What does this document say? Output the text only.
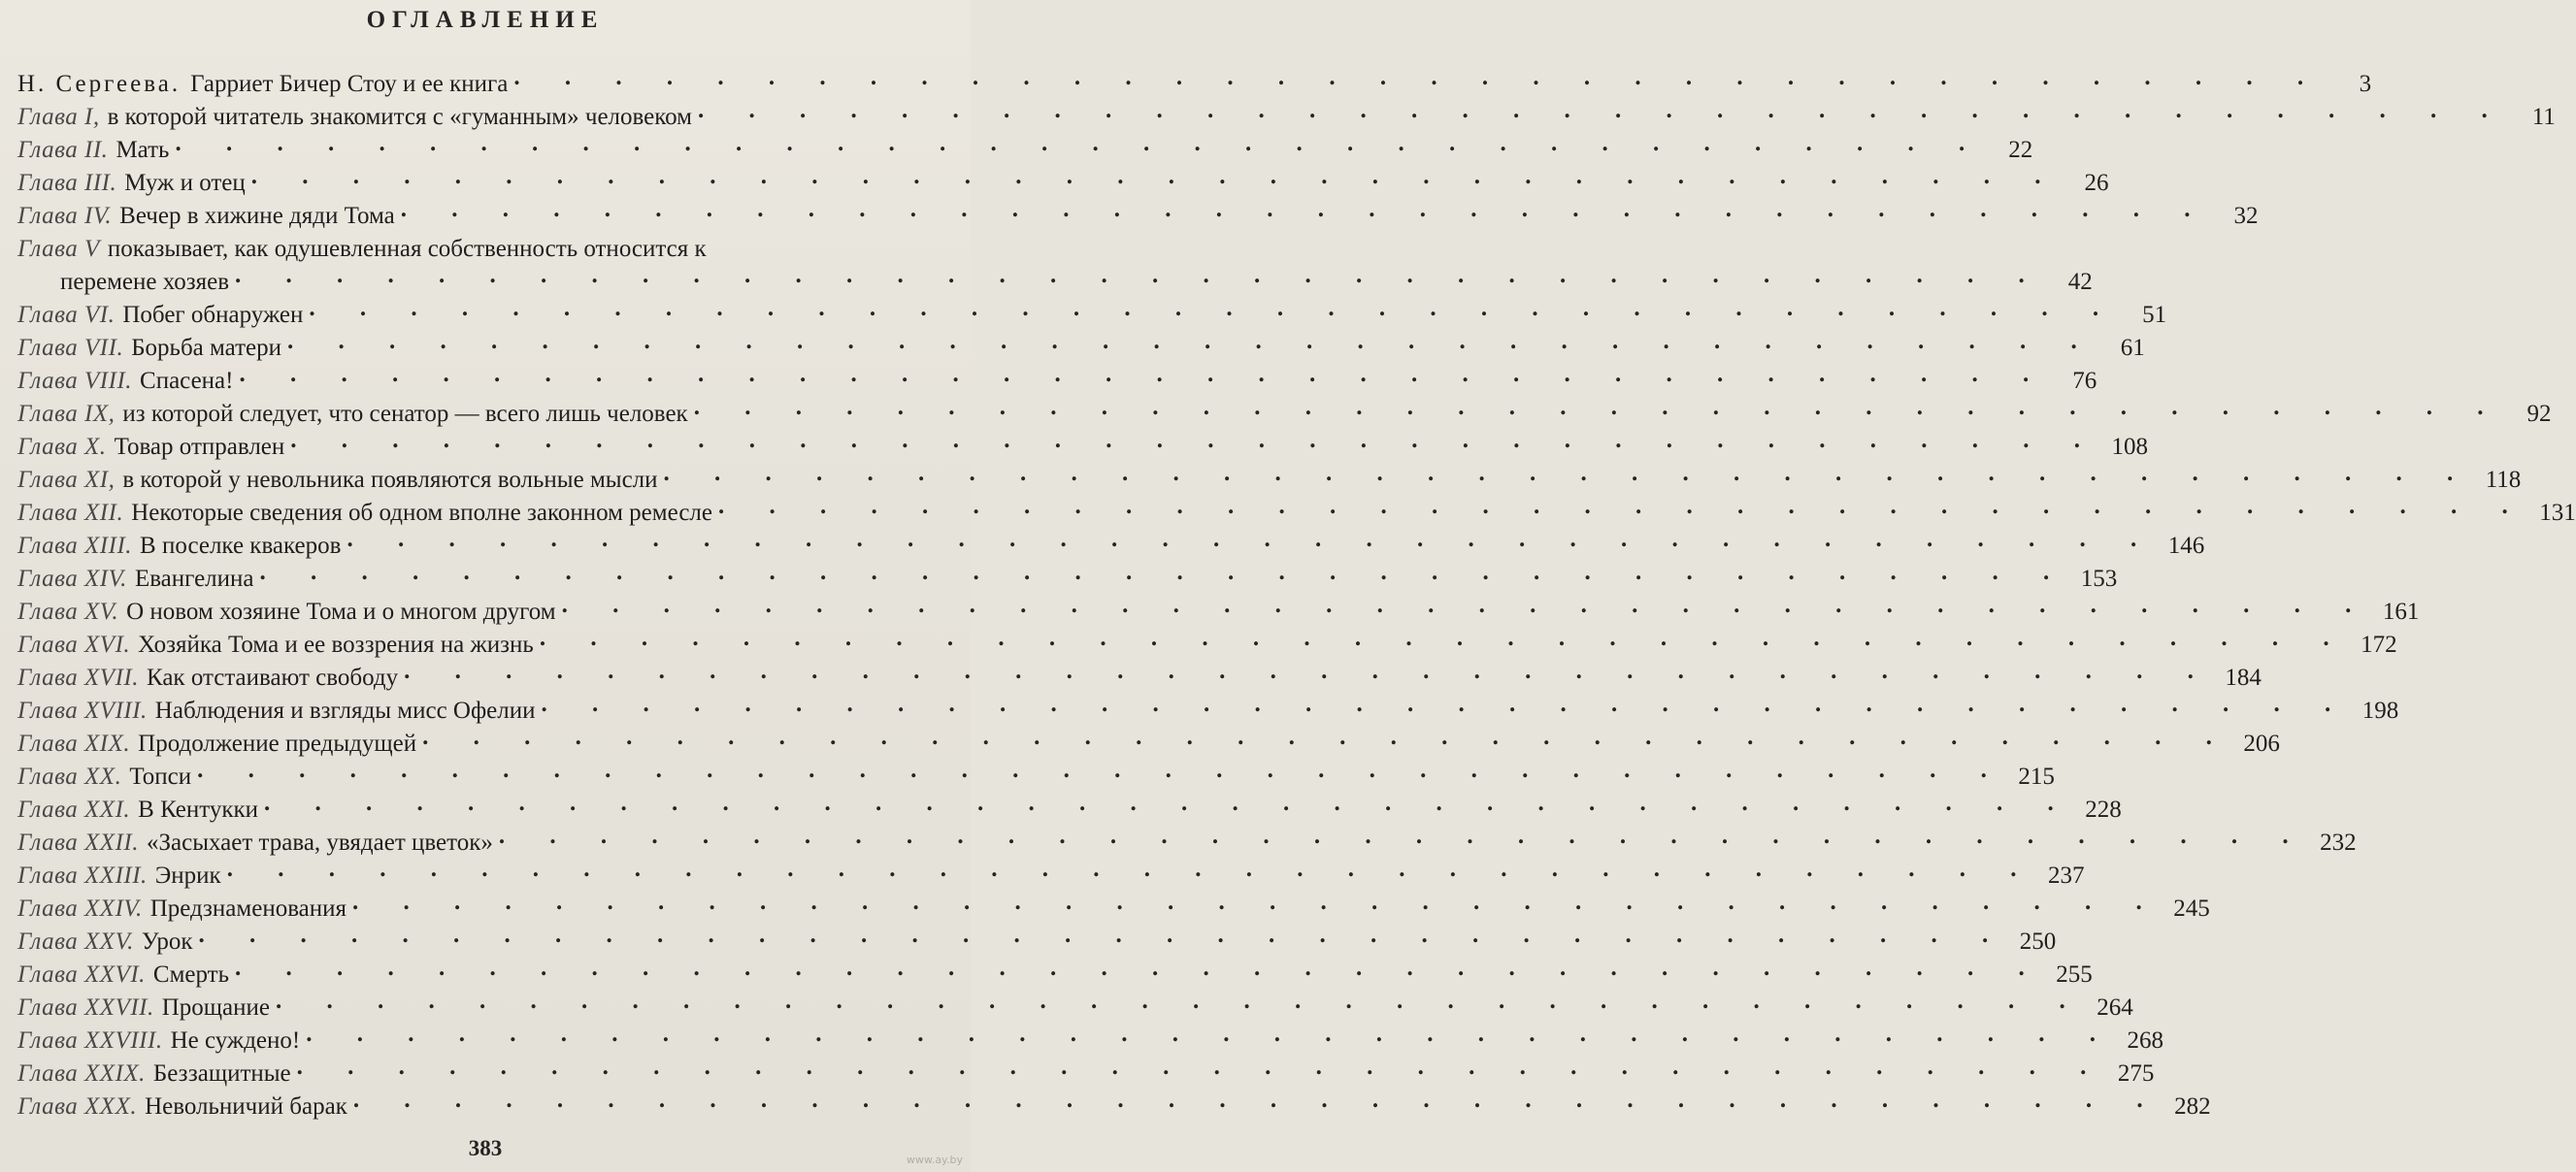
ОГЛАВЛЕНИЕ
Н. Сергеева. Гарриет Бичер Стоу и ее книга . . . . . . . . . . . . . . . . . . . . . . . . . . . . . . . . . . . .	3
Глава I, в которой читатель знакомится с «гуманным» человеком . . . . . . . . . . . . . . . . . . . . . . . . . . . . . . . . . . . .	11
Глава II. Мать . . . . . . . . . . . . . . . . . . . . . . . . . . . . . . . . . . . .	22
Глава III. Муж и отец . . . . . . . . . . . . . . . . . . . . . . . . . . . . . . . . . . . .	26
Глава IV. Вечер в хижине дяди Тома . . . . . . . . . . . . . . . . . . . . . . . . . . . . . . . . . . . .	32
Глава V показывает, как одушевленная собственность относится к
перемене хозяев . . . . . . . . . . . . . . . . . . . . . . . . . . . . . . . . . . . .	42
Глава VI. Побег обнаружен . . . . . . . . . . . . . . . . . . . . . . . . . . . . . . . . . . . .	51
Глава VII. Борьба матери . . . . . . . . . . . . . . . . . . . . . . . . . . . . . . . . . . . .	61
Глава VIII. Спасена! . . . . . . . . . . . . . . . . . . . . . . . . . . . . . . . . . . . .	76
Глава IX, из которой следует, что сенатор — всего лишь человек . . . . . . . . . . . . . . . . . . . . . . . . . . . . . . . . . . . .	92
Глава X. Товар отправлен . . . . . . . . . . . . . . . . . . . . . . . . . . . . . . . . . . . . 108
Глава XI, в которой у невольника появляются вольные мысли . . . . . . . . . . . . . . . . . . . . . . . . . . . . . . . . . . . . 118
Глава XII. Некоторые сведения об одном вполне законном ремесле . . . . . . . . . . . . . . . . . . . . . . . . . . . . . . . . . . . . 131
Глава XIII. В поселке квакеров . . . . . . . . . . . . . . . . . . . . . . . . . . . . . . . . . . . . 146
Глава XIV. Евангелина . . . . . . . . . . . . . . . . . . . . . . . . . . . . . . . . . . . . 153
Глава XV. О новом хозяине Тома и о многом другом . . . . . . . . . . . . . . . . . . . . . . . . . . . . . . . . . . . . 161
Глава XVI. Хозяйка Тома и ее воззрения на жизнь . . . . . . . . . . . . . . . . . . . . . . . . . . . . . . . . . . . . 172
Глава XVII. Как отстаивают свободу . . . . . . . . . . . . . . . . . . . . . . . . . . . . . . . . . . . . 184
Глава XVIII. Наблюдения и взгляды мисс Офелии . . . . . . . . . . . . . . . . . . . . . . . . . . . . . . . . . . . . 198
Глава XIX. Продолжение предыдущей . . . . . . . . . . . . . . . . . . . . . . . . . . . . . . . . . . . . 206
Глава XX. Топси . . . . . . . . . . . . . . . . . . . . . . . . . . . . . . . . . . . . 215
Глава XXI. В Кентукки . . . . . . . . . . . . . . . . . . . . . . . . . . . . . . . . . . . . 228
Глава XXII. «Засыхает трава, увядает цветок» . . . . . . . . . . . . . . . . . . . . . . . . . . . . . . . . . . . . 232
Глава XXIII. Энрик . . . . . . . . . . . . . . . . . . . . . . . . . . . . . . . . . . . . 237
Глава XXIV. Предзнаменования . . . . . . . . . . . . . . . . . . . . . . . . . . . . . . . . . . . . 245
Глава XXV. Урок . . . . . . . . . . . . . . . . . . . . . . . . . . . . . . . . . . . . 250
Глава XXVI. Смерть . . . . . . . . . . . . . . . . . . . . . . . . . . . . . . . . . . . . 255
Глава XXVII. Прощание . . . . . . . . . . . . . . . . . . . . . . . . . . . . . . . . . . . . 264
Глава XXVIII. Не суждено! . . . . . . . . . . . . . . . . . . . . . . . . . . . . . . . . . . . . 268
Глава XXIX. Беззащитные . . . . . . . . . . . . . . . . . . . . . . . . . . . . . . . . . . . . 275
Глава XXX. Невольничий барак . . . . . . . . . . . . . . . . . . . . . . . . . . . . . . . . . . . . 282
383	www.ay.by
